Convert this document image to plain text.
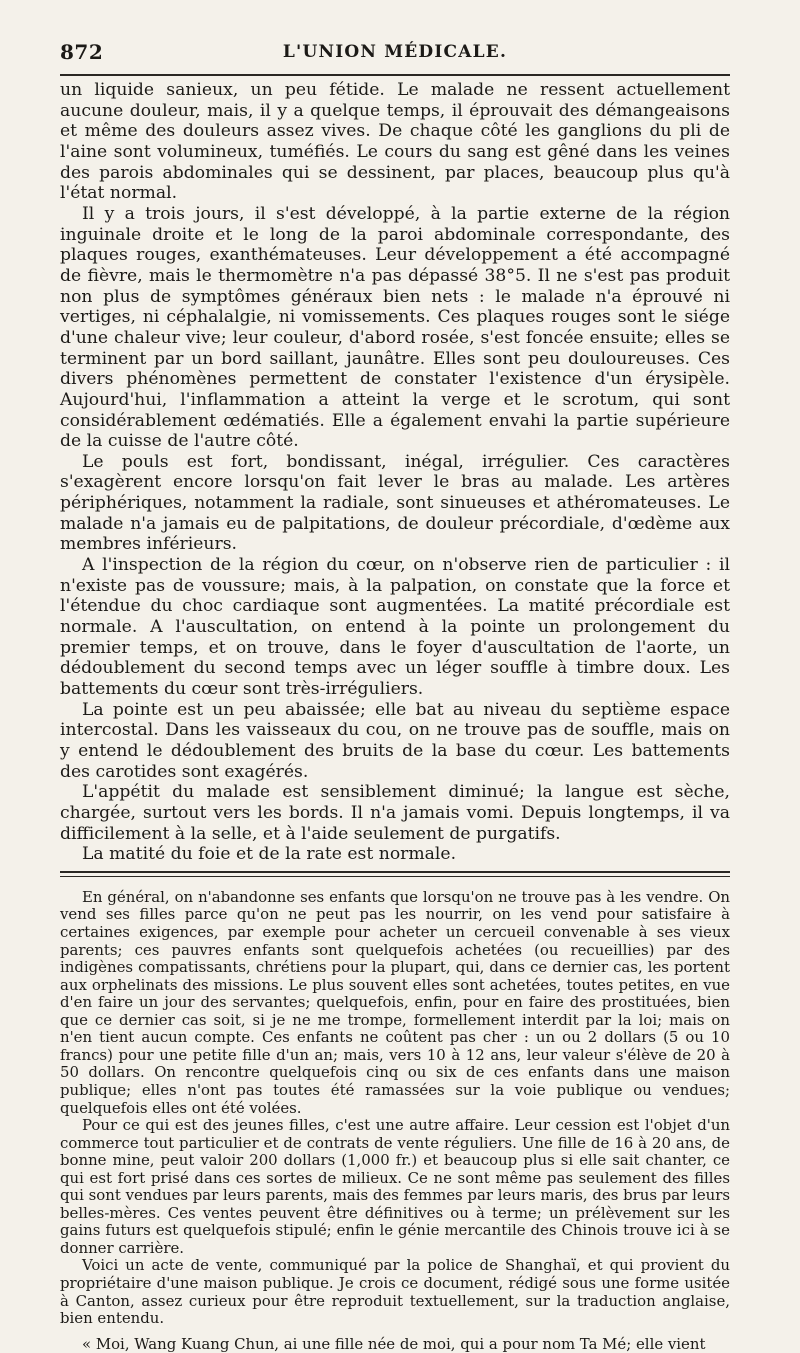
872	L'UNION MÉDICALE.

un liquide sanieux, un peu fétide. Le malade ne ressent actuellement aucune douleur, mais, il y a quelque temps, il éprouvait des démangeaisons et même des douleurs assez vives. De chaque côté les ganglions du pli de l'aine sont volumineux, tuméfiés. Le cours du sang est gêné dans les veines des parois abdominales qui se dessinent, par places, beaucoup plus qu'à l'état normal.

Il y a trois jours, il s'est développé, à la partie externe de la région inguinale droite et le long de la paroi abdominale correspondante, des plaques rouges, exanthémateuses. Leur développement a été accompagné de fièvre, mais le thermomètre n'a pas dépassé 38°5. Il ne s'est pas produit non plus de symptômes généraux bien nets : le malade n'a éprouvé ni vertiges, ni céphalalgie, ni vomissements. Ces plaques rouges sont le siége d'une chaleur vive; leur couleur, d'abord rosée, s'est foncée ensuite; elles se terminent par un bord saillant, jaunâtre. Elles sont peu douloureuses. Ces divers phénomènes permettent de constater l'existence d'un érysipèle. Aujourd'hui, l'inflammation a atteint la verge et le scrotum, qui sont considérablement œdématiés. Elle a également envahi la partie supérieure de la cuisse de l'autre côté.

Le pouls est fort, bondissant, inégal, irrégulier. Ces caractères s'exagèrent encore lorsqu'on fait lever le bras au malade. Les artères périphériques, notamment la radiale, sont sinueuses et athéromateuses. Le malade n'a jamais eu de palpitations, de douleur précordiale, d'œdème aux membres inférieurs.

A l'inspection de la région du cœur, on n'observe rien de particulier : il n'existe pas de voussure; mais, à la palpation, on constate que la force et l'étendue du choc cardiaque sont augmentées. La matité précordiale est normale. A l'auscultation, on entend à la pointe un prolongement du premier temps, et on trouve, dans le foyer d'auscultation de l'aorte, un dédoublement du second temps avec un léger souffle à timbre doux. Les battements du cœur sont très-irréguliers.

La pointe est un peu abaissée; elle bat au niveau du septième espace intercostal. Dans les vaisseaux du cou, on ne trouve pas de souffle, mais on y entend le dédoublement des bruits de la base du cœur. Les battements des carotides sont exagérés.

L'appétit du malade est sensiblement diminué; la langue est sèche, chargée, surtout vers les bords. Il n'a jamais vomi. Depuis longtemps, il va difficilement à la selle, et à l'aide seulement de purgatifs.

La matité du foie et de la rate est normale.

En général, on n'abandonne ses enfants que lorsqu'on ne trouve pas à les vendre. On vend ses filles parce qu'on ne peut pas les nourrir, on les vend pour satisfaire à certaines exigences, par exemple pour acheter un cercueil convenable à ses vieux parents; ces pauvres enfants sont quelquefois achetées (ou recueillies) par des indigènes compatissants, chrétiens pour la plupart, qui, dans ce dernier cas, les portent aux orphelinats des missions. Le plus souvent elles sont achetées, toutes petites, en vue d'en faire un jour des servantes; quelquefois, enfin, pour en faire des prostituées, bien que ce dernier cas soit, si je ne me trompe, formellement interdit par la loi; mais on n'en tient aucun compte. Ces enfants ne coûtent pas cher : un ou 2 dollars (5 ou 10 francs) pour une petite fille d'un an; mais, vers 10 à 12 ans, leur valeur s'élève de 20 à 50 dollars. On rencontre quelquefois cinq ou six de ces enfants dans une maison publique; elles n'ont pas toutes été ramassées sur la voie publique ou vendues; quelquefois elles ont été volées.

Pour ce qui est des jeunes filles, c'est une autre affaire. Leur cession est l'objet d'un commerce tout particulier et de contrats de vente réguliers. Une fille de 16 à 20 ans, de bonne mine, peut valoir 200 dollars (1,000 fr.) et beaucoup plus si elle sait chanter, ce qui est fort prisé dans ces sortes de milieux. Ce ne sont même pas seulement des filles qui sont vendues par leurs parents, mais des femmes par leurs maris, des brus par leurs belles-mères. Ces ventes peuvent être définitives ou à terme; un prélèvement sur les gains futurs est quelquefois stipulé; enfin le génie mercantile des Chinois trouve ici à se donner carrière.

Voici un acte de vente, communiqué par la police de Shanghaï, et qui provient du propriétaire d'une maison publique. Je crois ce document, rédigé sous une forme usitée à Canton, assez curieux pour être reproduit textuellement, sur la traduction anglaise, bien entendu.

« Moi, Wang Kuang Chun, ai une fille née de moi, qui a pour nom Ta Mé; elle vient
